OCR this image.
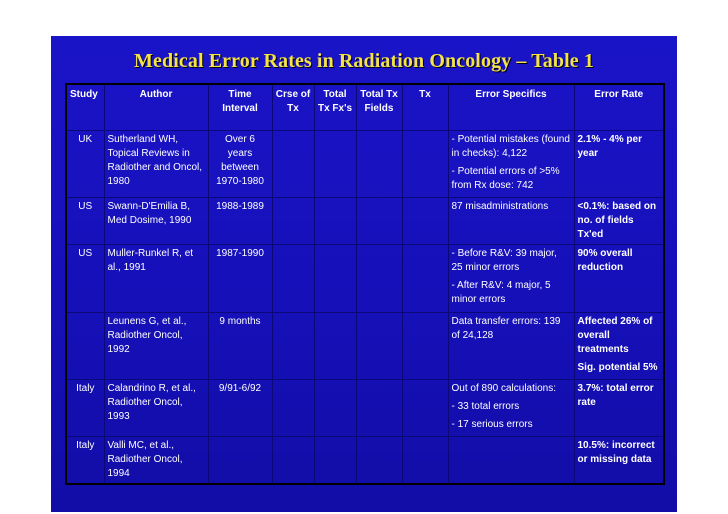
Medical Error Rates in Radiation Oncology – Table 1
Study	Author	Time Interval	Crse of Tx	Total Tx Fx's	Total Tx Fields	Tx	Error Specifics	Error Rate
UK	Sutherland WH, Topical Reviews in Radiother and Oncol, 1980	Over 6 years between 1970-1980					- Potential mistakes (found in checks): 4,122
- Potential errors of >5% from Rx dose: 742	2.1% - 4% per year

US	Swann-D'Emilia B, Med Dosime, 1990	1988-1989					87 misadministrations	<0.1%: based on no. of fields Tx'ed

US	Muller-Runkel R, et al., 1991	1987-1990					- Before R&V: 39 major, 25 minor errors
- After R&V: 4 major, 5 minor errors	90% overall reduction

	Leunens G, et al., Radiother Oncol, 1992	9 months					Data transfer errors: 139 of 24,128	Affected 26% of overall treatments
Sig. potential 5%

Italy	Calandrino R, et al., Radiother Oncol, 1993	9/91-6/92					Out of 890 calculations:
- 33 total errors
- 17 serious errors	3.7%: total error rate

Italy	Valli MC, et al., Radiother Oncol, 1994							10.5%: incorrect or missing data
